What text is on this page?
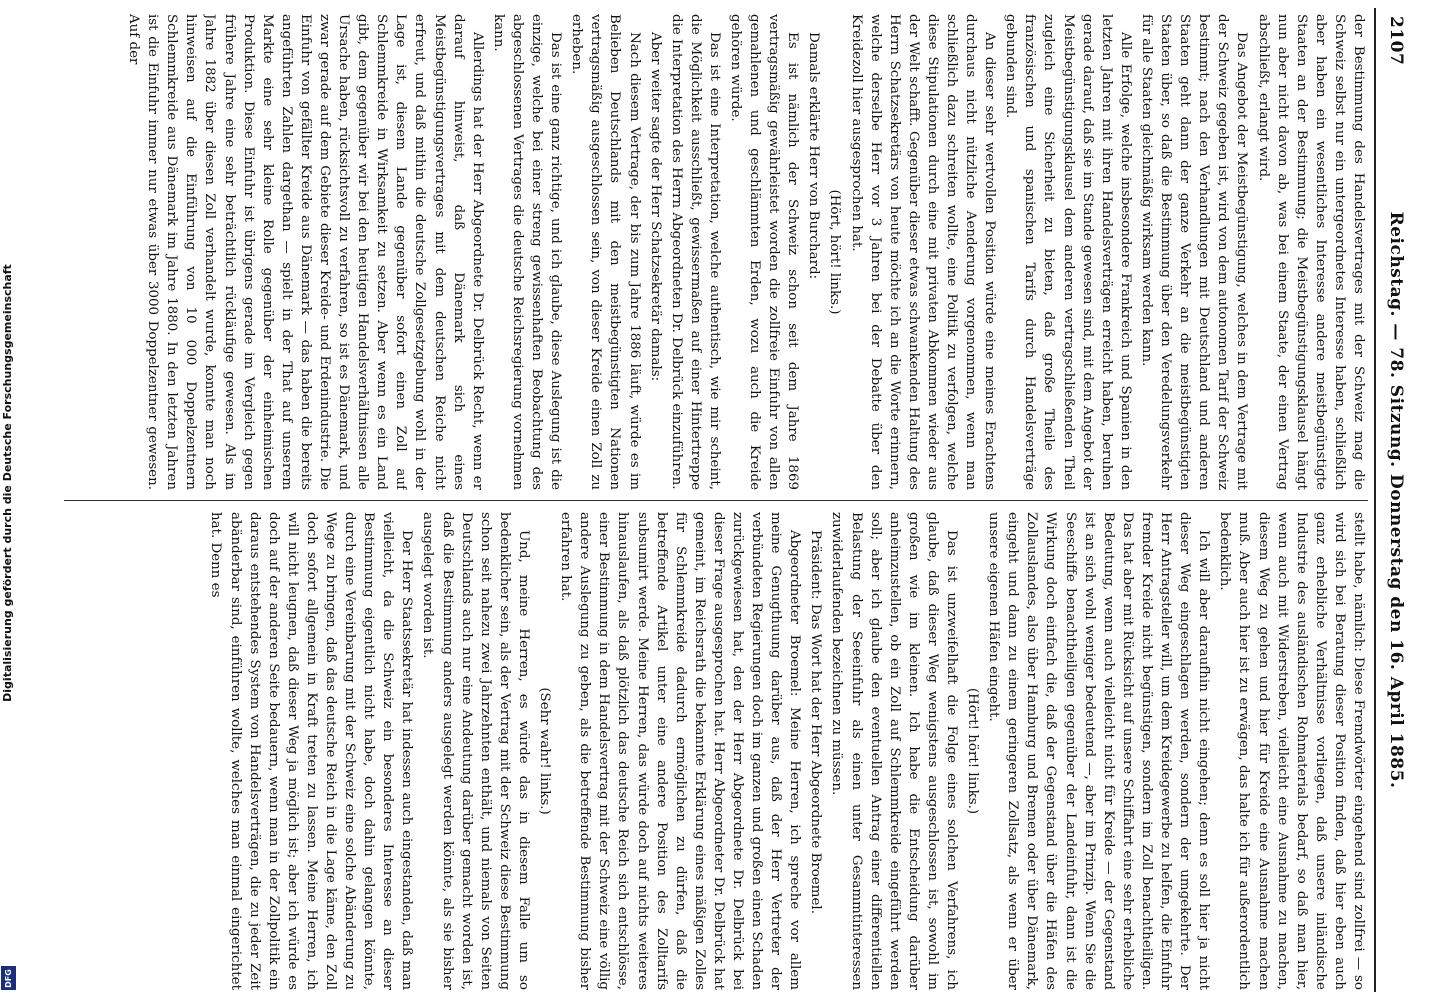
2107
Reichstag. — 78. Sitzung. Donnerstag den 16. April 1885.

der Bestimmung des Handelsvertrages mit der Schweiz mag die Schweiz selbst nur ein untergeordnetes Interesse haben, schließlich aber haben ein wesentliches Interesse andere meistbegünstigte Staaten an der Bestimmung; die Meistbegünstigungsklausel hängt nun aber nicht davon ab, was bei einem Staate, der einen Vertrag abschließt, erlangt wird.

Das Angebot der Meistbegünstigung, welches in dem Vertrage mit der Schweiz gegeben ist, wird von dem autonomen Tarif der Schweiz bestimmt; nach den Verhandlungen mit Deutschland und anderen Staaten geht dann der ganze Verkehr an die meistbegünstigten Staaten über, so daß die Bestimmung über den Veredelungsverkehr für alle Staaten gleichmäßig wirksam werden kann.

Alle Erfolge, welche insbesondere Frankreich und Spanien in den letzten Jahren mit ihren Handelsverträgen erreicht haben, beruhen gerade darauf, daß sie im Stande gewesen sind, mit dem Angebot der Meistbegünstigungsklausel dem anderen vertragschließenden Theil zugleich eine Sicherheit zu bieten, daß große Theile des französischen und spanischen Tarifs durch Handelsverträge gebunden sind.

An dieser sehr wertvollen Position würde eine meines Erachtens durchaus nicht nützliche Aenderung vorgenommen, wenn man schließlich dazu schreiten wollte, eine Politik zu verfolgen, welche diese Stipulationen durch eine mit privaten Abkommen wieder aus der Welt schafft. Gegenüber dieser etwas schwankenden Haltung des Herrn Schatzsekretärs von heute möchte ich an die Worte erinnern, welche derselbe Herr vor 3 Jahren bei der Debatte über den Kreidezoll hier ausgesprochen hat.

(Hört, hört! links.)

Damals erklärte Herr von Burchard:

Es ist nämlich der Schweiz schon seit dem Jahre 1869 vertragsmäßig gewährleistet worden die zollfreie Einfuhr von allen gemahlenen und geschlämmten Erden, wozu auch die Kreide gehören würde.

Das ist eine Interpretation, welche authentisch, wie mir scheint, die Möglichkeit ausschließt, gewissermaßen auf einer Hintertreppe die Interpretation des Herrn Abgeordneten Dr. Delbrück einzuführen.

Aber weiter sagte der Herr Schatzsekretär damals:

Nach diesem Vertrage, der bis zum Jahre 1886 läuft, würde es im Belieben Deutschlands mit den meistbegünstigten Nationen vertragsmäßig ausgeschlossen sein, von dieser Kreide einen Zoll zu erheben.

Das ist eine ganz richtige, und ich glaube, diese Auslegung ist die einzige, welche bei einer streng gewissenhaften Beobachtung des abgeschlossenen Vertrages die deutsche Reichsregierung vornehmen kann.

Allerdings hat der Herr Abgeordnete Dr. Delbrück Recht, wenn er darauf hinweist, daß Dänemark sich eines Meistbegünstigungsvertrages mit dem deutschen Reiche nicht erfreut, und daß mithin die deutsche Zollgesetzgebung wohl in der Lage ist, diesem Lande gegenüber sofort einen Zoll auf Schlemmkreide in Wirksamkeit zu setzen. Aber wenn es ein Land gibt, dem gegenüber wir bei den heutigen Handelsverhältnissen alle Ursache haben, rücksichtsvoll zu verfahren, so ist es Dänemark, und zwar gerade auf dem Gebiete dieser Kreide- und Erdenindustrie. Die Einfuhr von gefällter Kreide aus Dänemark — das haben die bereits angeführten Zahlen dargethan — spielt in der That auf unserem Markte eine sehr kleine Rolle gegenüber der einheimischen Produktion. Diese Einfuhr ist übrigens gerade im Vergleich gegen frühere Jahre eine sehr beträchtlich rückläufige gewesen. Als im Jahre 1882 über diesen Zoll verhandelt wurde, konnte man noch hinweisen auf die Einführung von 10 000 Doppelzentnern Schlemmkreide aus Dänemark im Jahre 1880. In den letzten Jahren ist die Einfuhr immer nur etwas über 3000 Doppelzentner gewesen. Auf der

stellt habe, nämlich: Diese Fremdwörter eingehend sind zollfrei — so wird sich bei Beratung dieser Position finden, daß hier eben auch ganz erhebliche Verhältnisse vorliegen, daß unsere inländische Industrie des ausländischen Rohmaterials bedarf, so daß man hier, wenn auch mit Widerstreben, vielleicht eine Ausnahme zu machen, diesem Weg zu gehen und hier für Kreide eine Ausnahme machen muß. Aber auch hier ist zu erwägen, das halte ich für außerordentlich bedenklich.

Ich will aber daraufhin nicht eingehen; denn es soll hier ja nicht dieser Weg eingeschlagen werden, sondern der umgekehrte. Der Herr Antragsteller will, um dem Kreidegewerbe zu helfen, die Einfuhr fremder Kreide nicht begünstigen, sondern im Zoll benachtheiligen. Das hat aber mit Rücksicht auf unsere Schiffahrt eine sehr erhebliche Bedeutung, wenn auch vielleicht nicht für Kreide — der Gegenstand ist an sich wohl weniger bedeutend —, aber im Prinzip. Wenn Sie die Seeschiffe benachtheiligen gegenüber der Landeinfuhr, dann ist die Wirkung doch einfach die, daß der Gegenstand über die Häfen des Zollauslandes, also über Hamburg und Bremen oder über Dänemark, eingeht und dann zu einem geringeren Zollsatz, als wenn er über unsere eigenen Häfen eingeht.

(Hört! hört! links.)

Das ist unzweifelhaft die Folge eines solchen Verfahrens, ich glaube, daß dieser Weg wenigstens ausgeschlossen ist, sowohl im großen wie im kleinen. Ich habe die Entscheidung darüber anheimzustellen, ob ein Zoll auf Schlemmkreide eingeführt werden soll; aber ich glaube den eventuellen Antrag einer differentiellen Belastung der Seeeinfuhr als einen unter Gesammtinteressen zuwiderlaufenden bezeichnen zu müssen.

Präsident: Das Wort hat der Herr Abgeordnete Broemel.

Abgeordneter Broemel: Meine Herren, ich spreche vor allem meine Genugthuung darüber aus, daß der Herr Vertreter der verbündeten Regierungen doch im ganzen und großen einen Schaden zurückgewiesen hat, den der Herr Abgeordnete Dr. Delbrück bei dieser Frage ausgesprochen hat. Herr Abgeordneter Dr. Delbrück hat gemeint, im Reichsrath die bekannte Erklärung eines mäßigen Zolles für Schlemmkreide dadurch ermöglichen zu dürfen, daß die betreffende Artikel unter eine andere Position des Zolltarifs subsumirt werde. Meine Herren, das würde doch auf nichts weiteres hinauslaufen, als daß plötzlich das deutsche Reich sich entschlösse, einer Bestimmung in dem Handelsvertrag mit der Schweiz eine völlig andere Auslegung zu geben, als die betreffende Bestimmung bisher erfahren hat.

(Sehr wahr! links.)

Und, meine Herren, es würde das in diesem Falle um so bedenklicher sein, als der Vertrag mit der Schweiz diese Bestimmung schon seit nahezu zwei Jahrzehnten enthält, und niemals von Seiten Deutschlands auch nur eine Andeutung darüber gemacht worden ist, daß die Bestimmung anders ausgelegt werden könnte, als sie bisher ausgelegt worden ist.

Der Herr Staatssekretär hat indessen auch eingestanden, daß man vielleicht, da die Schweiz ein besonderes Interesse an dieser Bestimmung eigentlich nicht habe, doch dahin gelangen könnte, durch eine Vereinbarung mit der Schweiz eine solche Abänderung zu Wege zu bringen, daß das deutsche Reich in die Lage käme, den Zoll doch sofort allgemein in Kraft treten zu lassen. Meine Herren, ich will nicht leugnen, daß dieser Weg ja möglich ist; aber ich würde es doch auf der anderen Seite bedauern, wenn man in der Zollpolitik ein daraus entstehendes System von Handelsverträgen, die zu jeder Zeit abänderbar sind, einführen wollte, welches man einmal eingerichtet hat. Denn es

Digitalisierung gefördert durch die Deutsche Forschungsgemeinschaft
DFG
